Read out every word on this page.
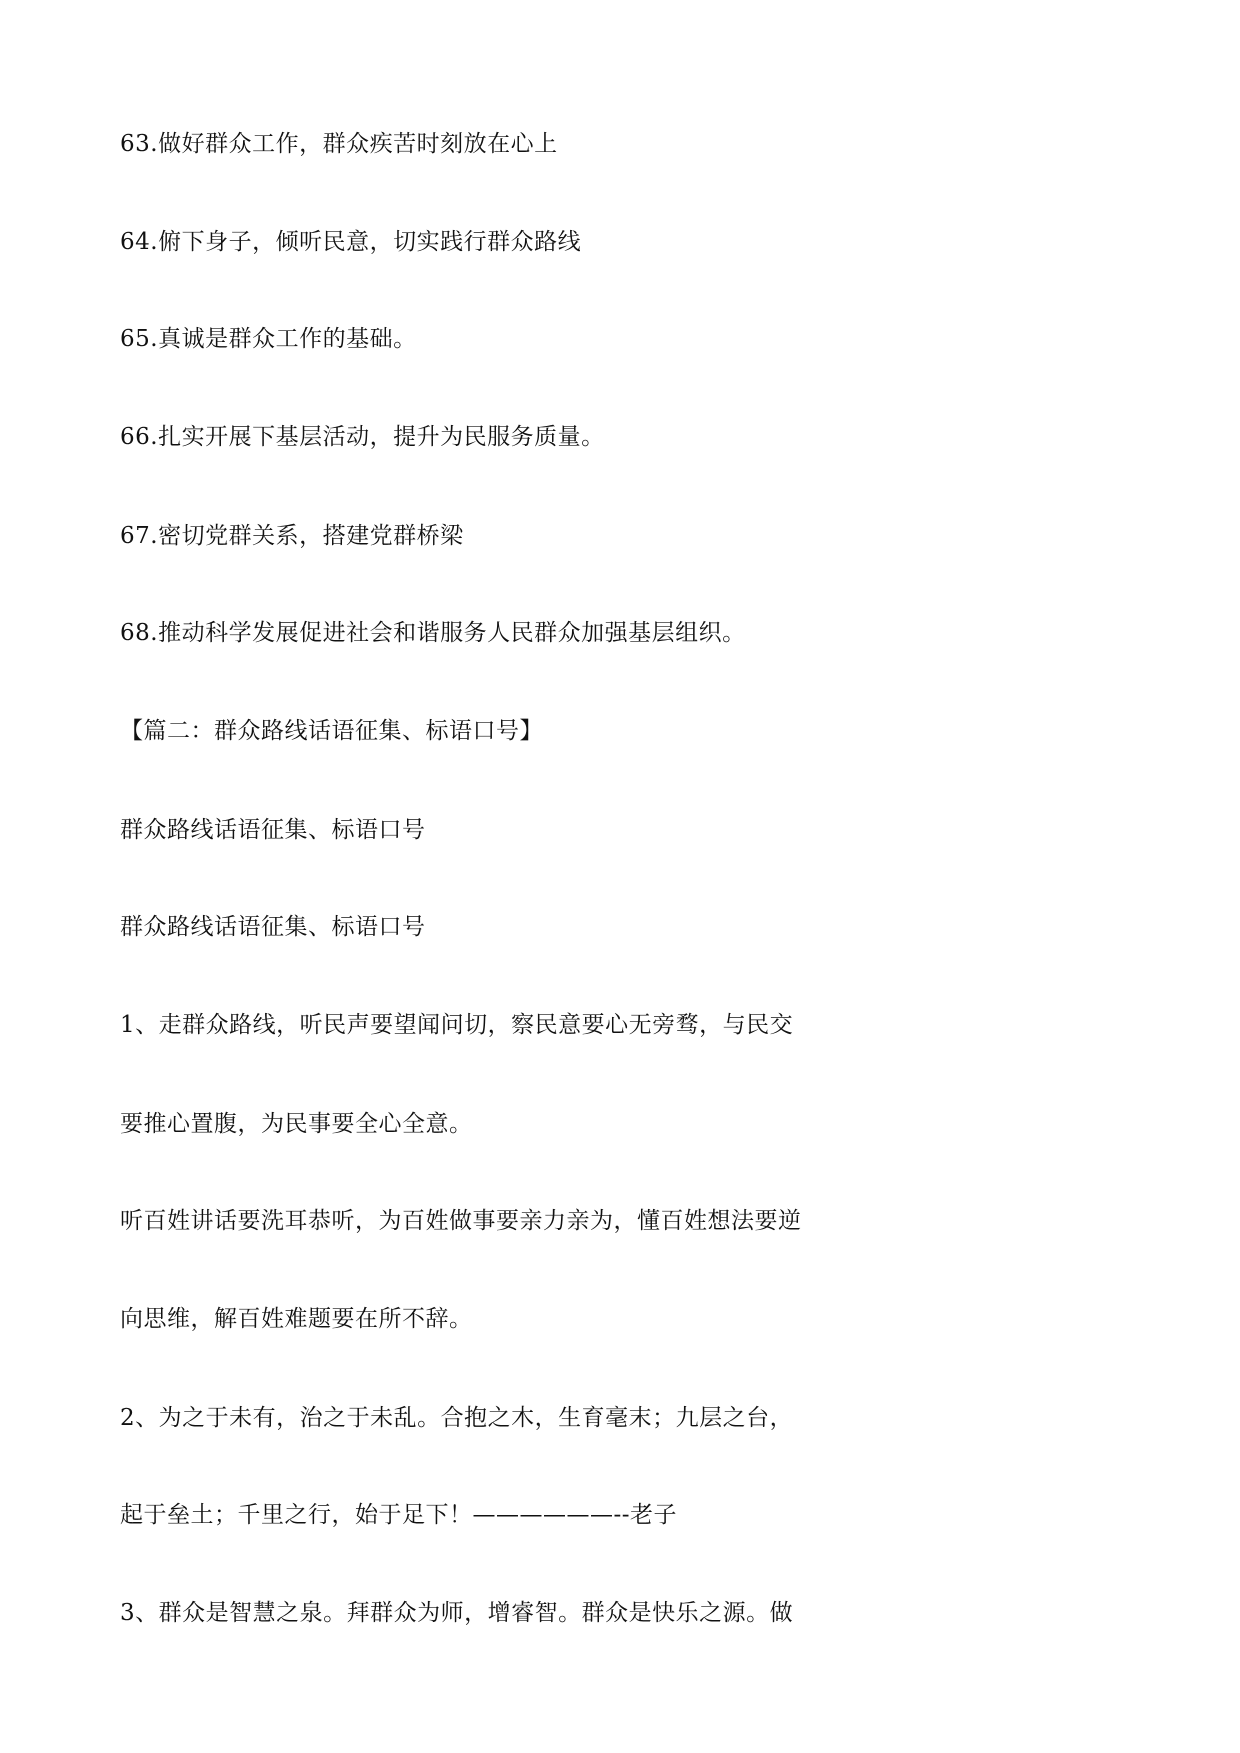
63.做好群众工作，群众疾苦时刻放在心上
64.俯下身子，倾听民意，切实践行群众路线
65.真诚是群众工作的基础。
66.扎实开展下基层活动，提升为民服务质量。
67.密切党群关系，搭建党群桥梁
68.推动科学发展促进社会和谐服务人民群众加强基层组织。
【篇二：群众路线话语征集、标语口号】
群众路线话语征集、标语口号
群众路线话语征集、标语口号
1、走群众路线，听民声要望闻问切，察民意要心无旁骛，与民交
要推心置腹，为民事要全心全意。
听百姓讲话要洗耳恭听，为百姓做事要亲力亲为，懂百姓想法要逆
向思维，解百姓难题要在所不辞。
2、为之于未有，治之于未乱。合抱之木，生育毫末；九层之台，
起于垒土；千里之行，始于足下！——————--老子
3、群众是智慧之泉。拜群众为师，增睿智。群众是快乐之源。做
